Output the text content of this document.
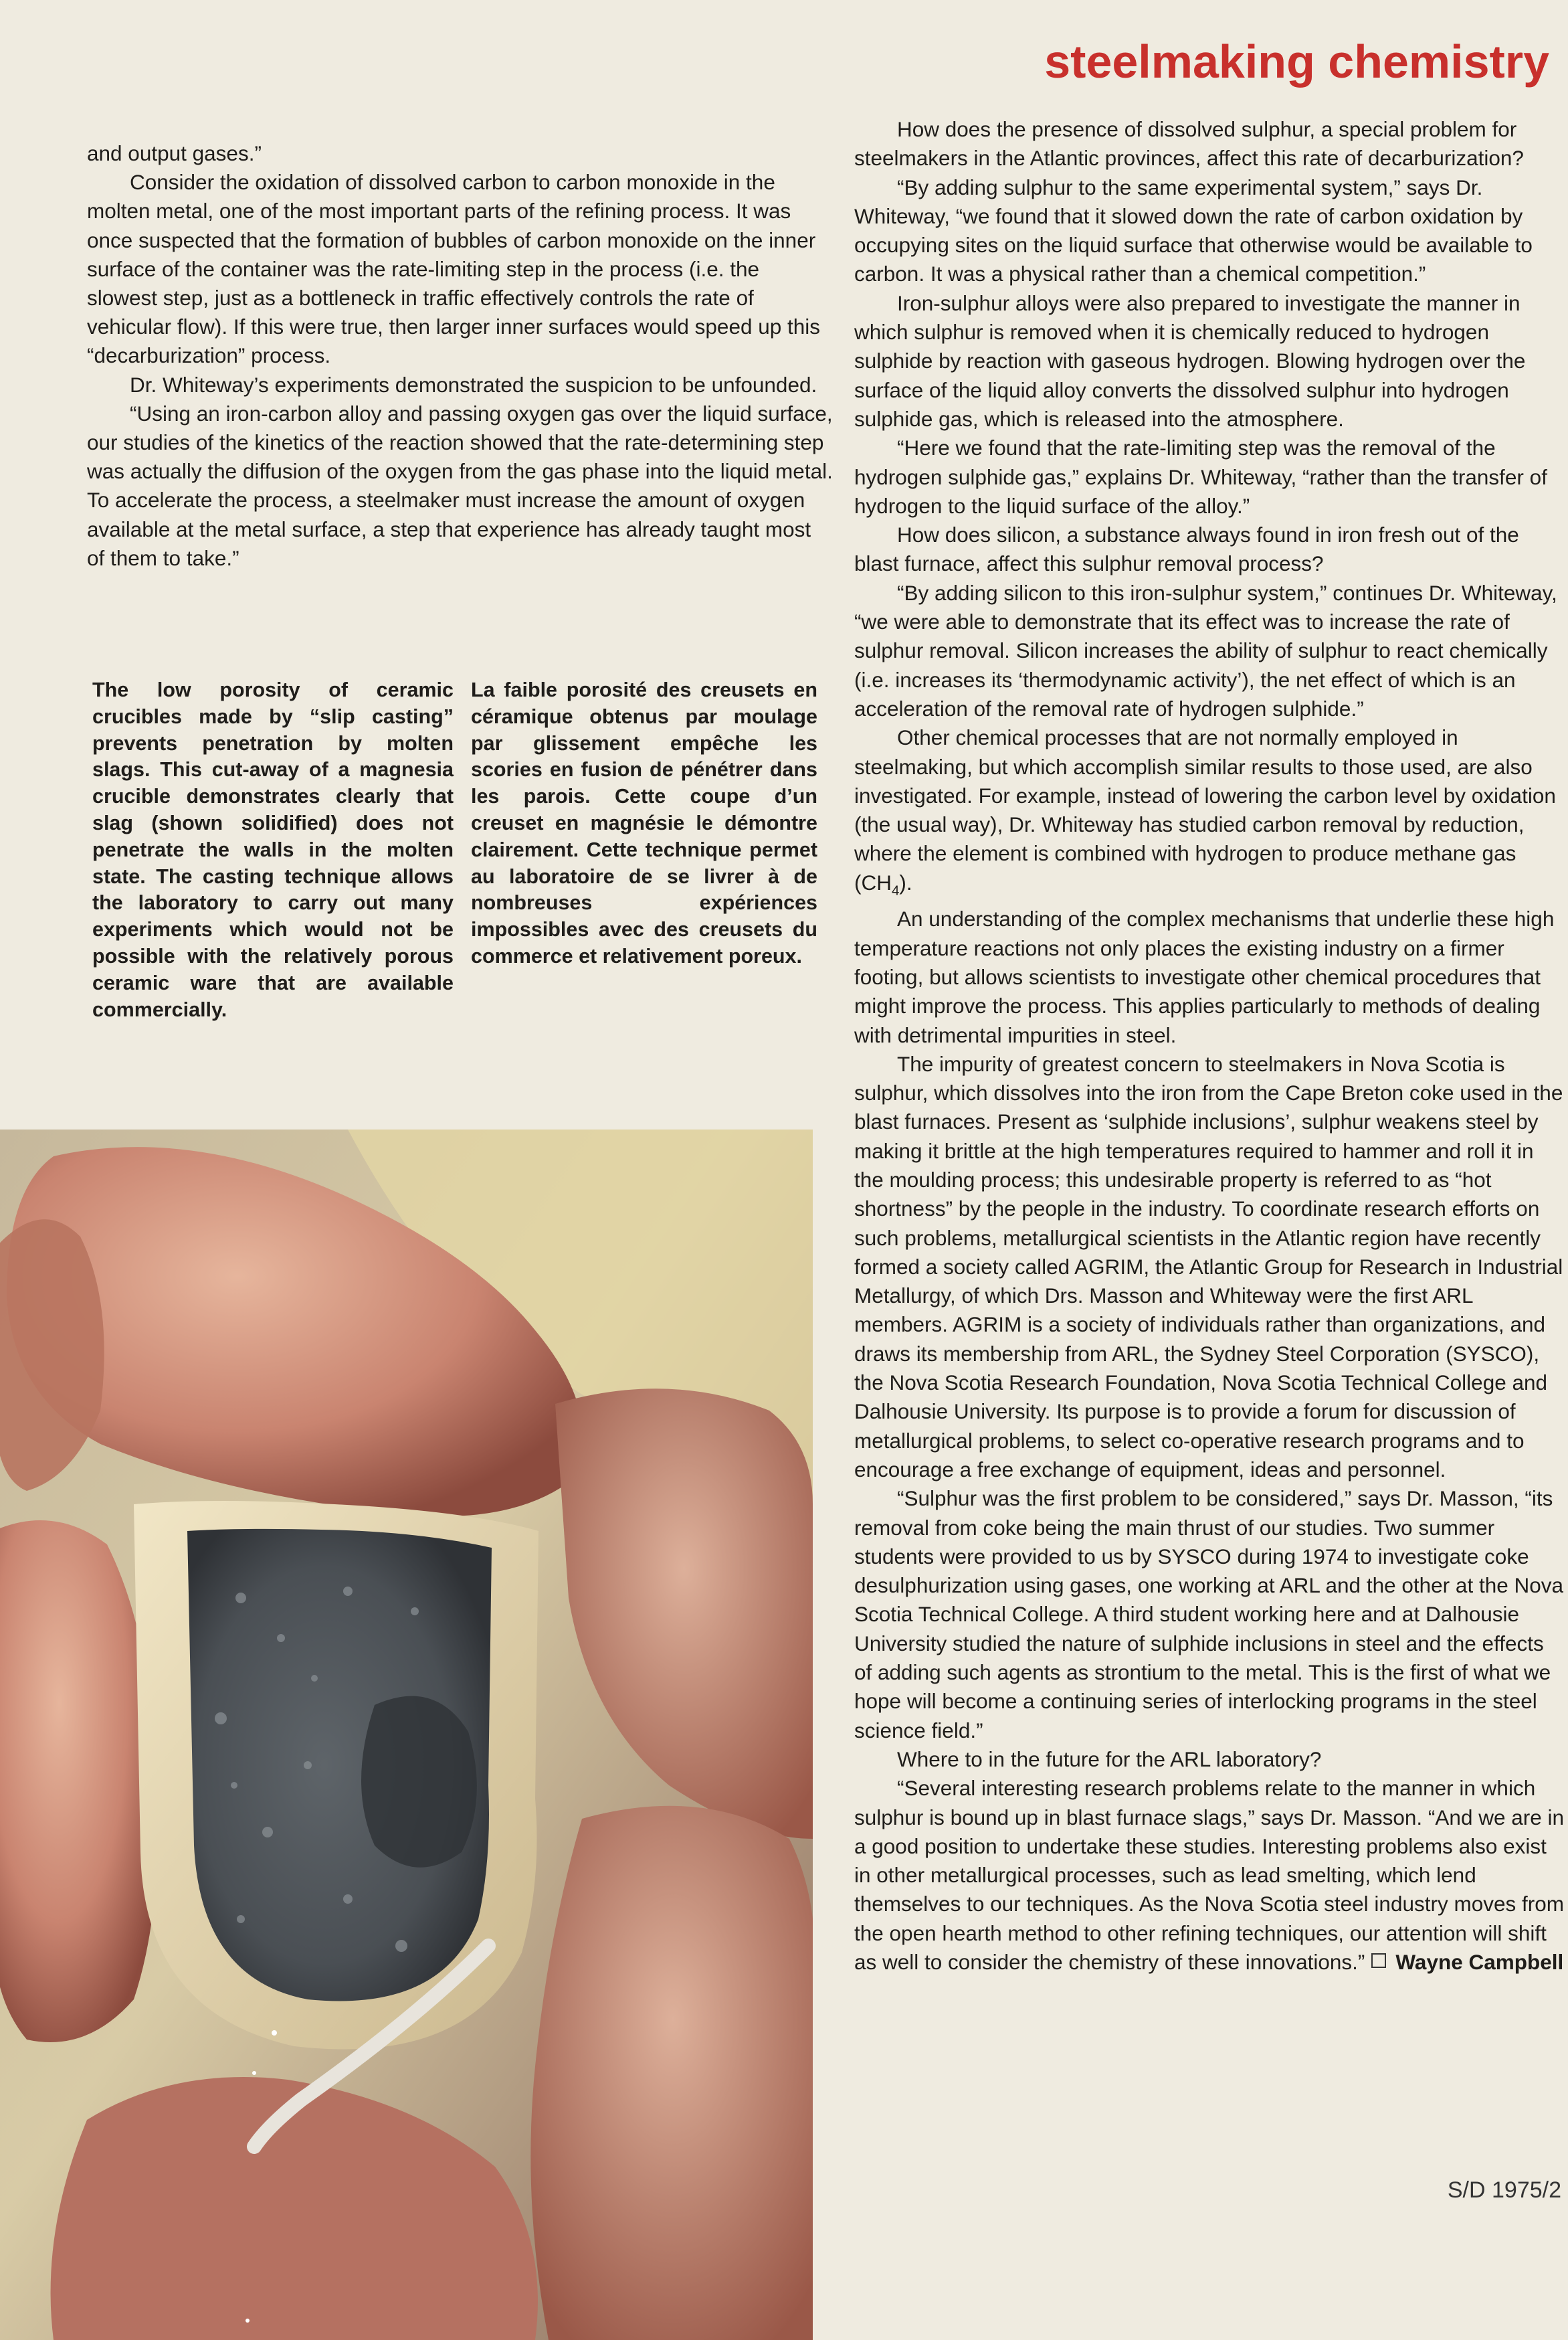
steelmaking chemistry

and output gases.”

Consider the oxidation of dissolved carbon to carbon monoxide in the molten metal, one of the most important parts of the refining process. It was once suspected that the formation of bubbles of carbon monoxide on the inner surface of the container was the rate-limiting step in the process (i.e. the slowest step, just as a bottleneck in traffic effectively controls the rate of vehicular flow). If this were true, then larger inner surfaces would speed up this “decarburization” process.

Dr. Whiteway’s experiments demonstrated the suspicion to be unfounded.

“Using an iron-carbon alloy and passing oxygen gas over the liquid surface, our studies of the kinetics of the reaction showed that the rate-determining step was actually the diffusion of the oxygen from the gas phase into the liquid metal. To accelerate the process, a steelmaker must increase the amount of oxygen available at the metal surface, a step that experience has already taught most of them to take.”

The low porosity of ceramic crucibles made by “slip casting” prevents penetration by molten slags. This cut-away of a magnesia crucible demonstrates clearly that slag (shown solidified) does not penetrate the walls in the molten state. The casting technique allows the laboratory to carry out many experiments which would not be possible with the relatively porous ceramic ware that are available commercially.
La faible porosité des creusets en céramique obtenus par moulage par glissement empêche les scories en fusion de pénétrer dans les parois. Cette coupe d’un creuset en magnésie le démontre clairement. Cette technique permet au laboratoire de se livrer à de nombreuses expériences impossibles avec des creusets du commerce et relativement poreux.

How does the presence of dissolved sulphur, a special problem for steelmakers in the Atlantic provinces, affect this rate of decarburization?

“By adding sulphur to the same experimental system,” says Dr. Whiteway, “we found that it slowed down the rate of carbon oxidation by occupying sites on the liquid surface that otherwise would be available to carbon. It was a physical rather than a chemical competition.”

Iron-sulphur alloys were also prepared to investigate the manner in which sulphur is removed when it is chemically reduced to hydrogen sulphide by reaction with gaseous hydrogen. Blowing hydrogen over the surface of the liquid alloy converts the dissolved sulphur into hydrogen sulphide gas, which is released into the atmosphere.

“Here we found that the rate-limiting step was the removal of the hydrogen sulphide gas,” explains Dr. Whiteway, “rather than the transfer of hydrogen to the liquid surface of the alloy.”

How does silicon, a substance always found in iron fresh out of the blast furnace, affect this sulphur removal process?

“By adding silicon to this iron-sulphur system,” continues Dr. Whiteway, “we were able to demonstrate that its effect was to increase the rate of sulphur removal. Silicon increases the ability of sulphur to react chemically (i.e. increases its ‘thermodynamic activity’), the net effect of which is an acceleration of the removal rate of hydrogen sulphide.”

Other chemical processes that are not normally employed in steelmaking, but which accomplish similar results to those used, are also investigated. For example, instead of lowering the carbon level by oxidation (the usual way), Dr. Whiteway has studied carbon removal by reduction, where the element is combined with hydrogen to produce methane gas $(CH_4)$.

An understanding of the complex mechanisms that underlie these high temperature reactions not only places the existing industry on a firmer footing, but allows scientists to investigate other chemical procedures that might improve the process. This applies particularly to methods of dealing with detrimental impurities in steel.

The impurity of greatest concern to steelmakers in Nova Scotia is sulphur, which dissolves into the iron from the Cape Breton coke used in the blast furnaces. Present as ‘sulphide inclusions’, sulphur weakens steel by making it brittle at the high temperatures required to hammer and roll it in the moulding process; this undesirable property is referred to as “hot shortness” by the people in the industry. To coordinate research efforts on such problems, metallurgical scientists in the Atlantic region have recently formed a society called AGRIM, the Atlantic Group for Research in Industrial Metallurgy, of which Drs. Masson and Whiteway were the first ARL members. AGRIM is a society of individuals rather than organizations, and draws its membership from ARL, the Sydney Steel Corporation (SYSCO), the Nova Scotia Research Foundation, Nova Scotia Technical College and Dalhousie University. Its purpose is to provide a forum for discussion of metallurgical problems, to select co-operative research programs and to encourage a free exchange of equipment, ideas and personnel.

“Sulphur was the first problem to be considered,” says Dr. Masson, “its removal from coke being the main thrust of our studies. Two summer students were provided to us by SYSCO during 1974 to investigate coke desulphurization using gases, one working at ARL and the other at the Nova Scotia Technical College. A third student working here and at Dalhousie University studied the nature of sulphide inclusions in steel and the effects of adding such agents as strontium to the metal. This is the first of what we hope will become a continuing series of interlocking programs in the steel science field.”

Where to in the future for the ARL laboratory?

“Several interesting research problems relate to the manner in which sulphur is bound up in blast furnace slags,” says Dr. Masson. “And we are in a good position to undertake these studies. Interesting problems also exist in other metallurgical processes, such as lead smelting, which lend themselves to our techniques. As the Nova Scotia steel industry moves from the open hearth method to other refining techniques, our attention will shift as well to consider the chemistry of these innovations.” Wayne Campbell

S/D 1975/2
